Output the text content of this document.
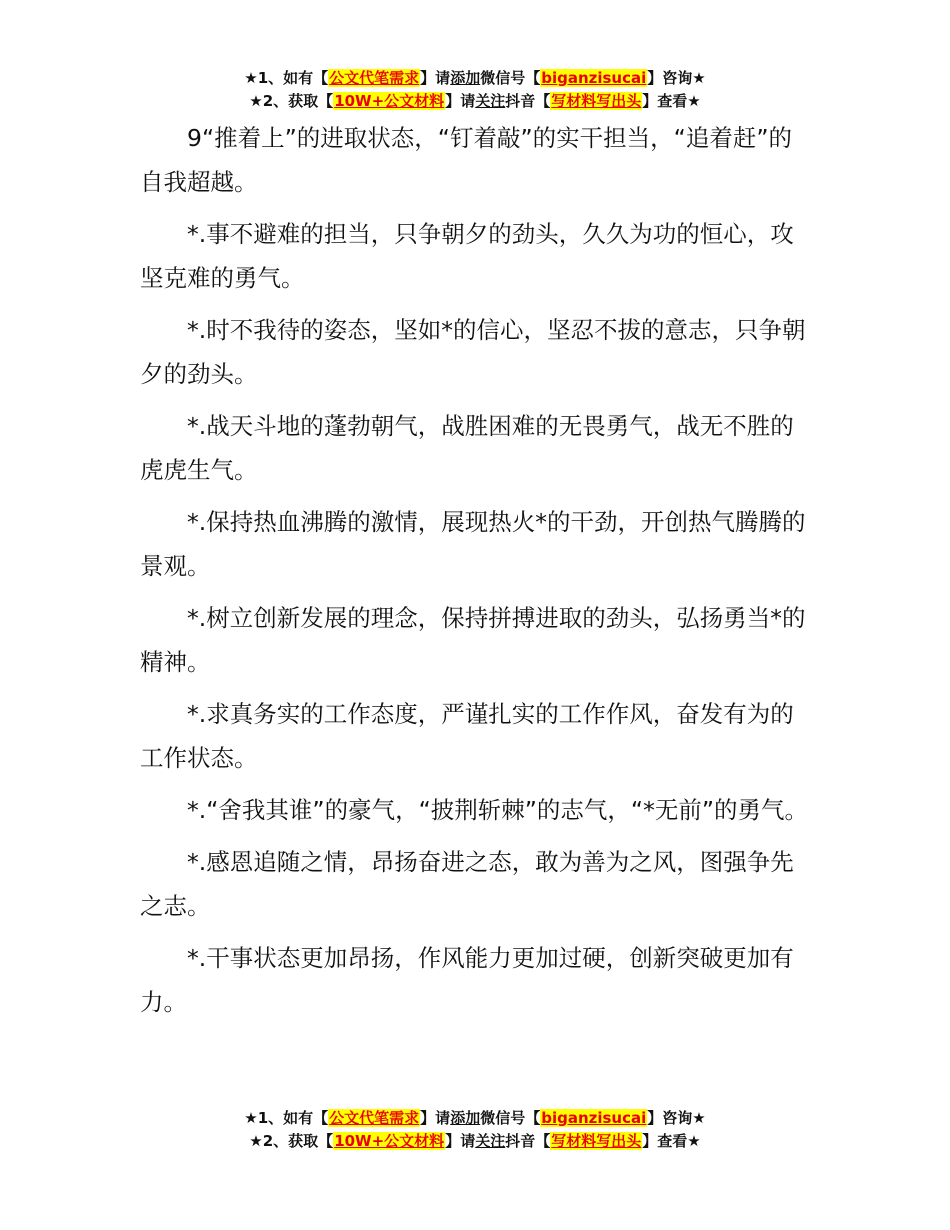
★1、如有【公文代笔需求】请添加微信号【biganzisucai】咨询★
★2、获取【10W+公文材料】请关注抖音【写材料写出头】查看★

9“推着上”的进取状态，“钉着敲”的实干担当，“追着赶”的自我超越。

*.事不避难的担当，只争朝夕的劲头，久久为功的恒心，攻坚克难的勇气。

*.时不我待的姿态，坚如*的信心，坚忍不拔的意志，只争朝夕的劲头。

*.战天斗地的蓬勃朝气，战胜困难的无畏勇气，战无不胜的虎虎生气。

*.保持热血沸腾的激情，展现热火*的干劲，开创热气腾腾的景观。

*.树立创新发展的理念，保持拼搏进取的劲头，弘扬勇当*的精神。

*.求真务实的工作态度，严谨扎实的工作作风，奋发有为的工作状态。

*.“舍我其谁”的豪气，“披荆斩棘”的志气，“*无前”的勇气。

*.感恩追随之情，昂扬奋进之态，敢为善为之风，图强争先之志。

*.干事状态更加昂扬，作风能力更加过硬，创新突破更加有力。

★1、如有【公文代笔需求】请添加微信号【biganzisucai】咨询★
★2、获取【10W+公文材料】请关注抖音【写材料写出头】查看★
